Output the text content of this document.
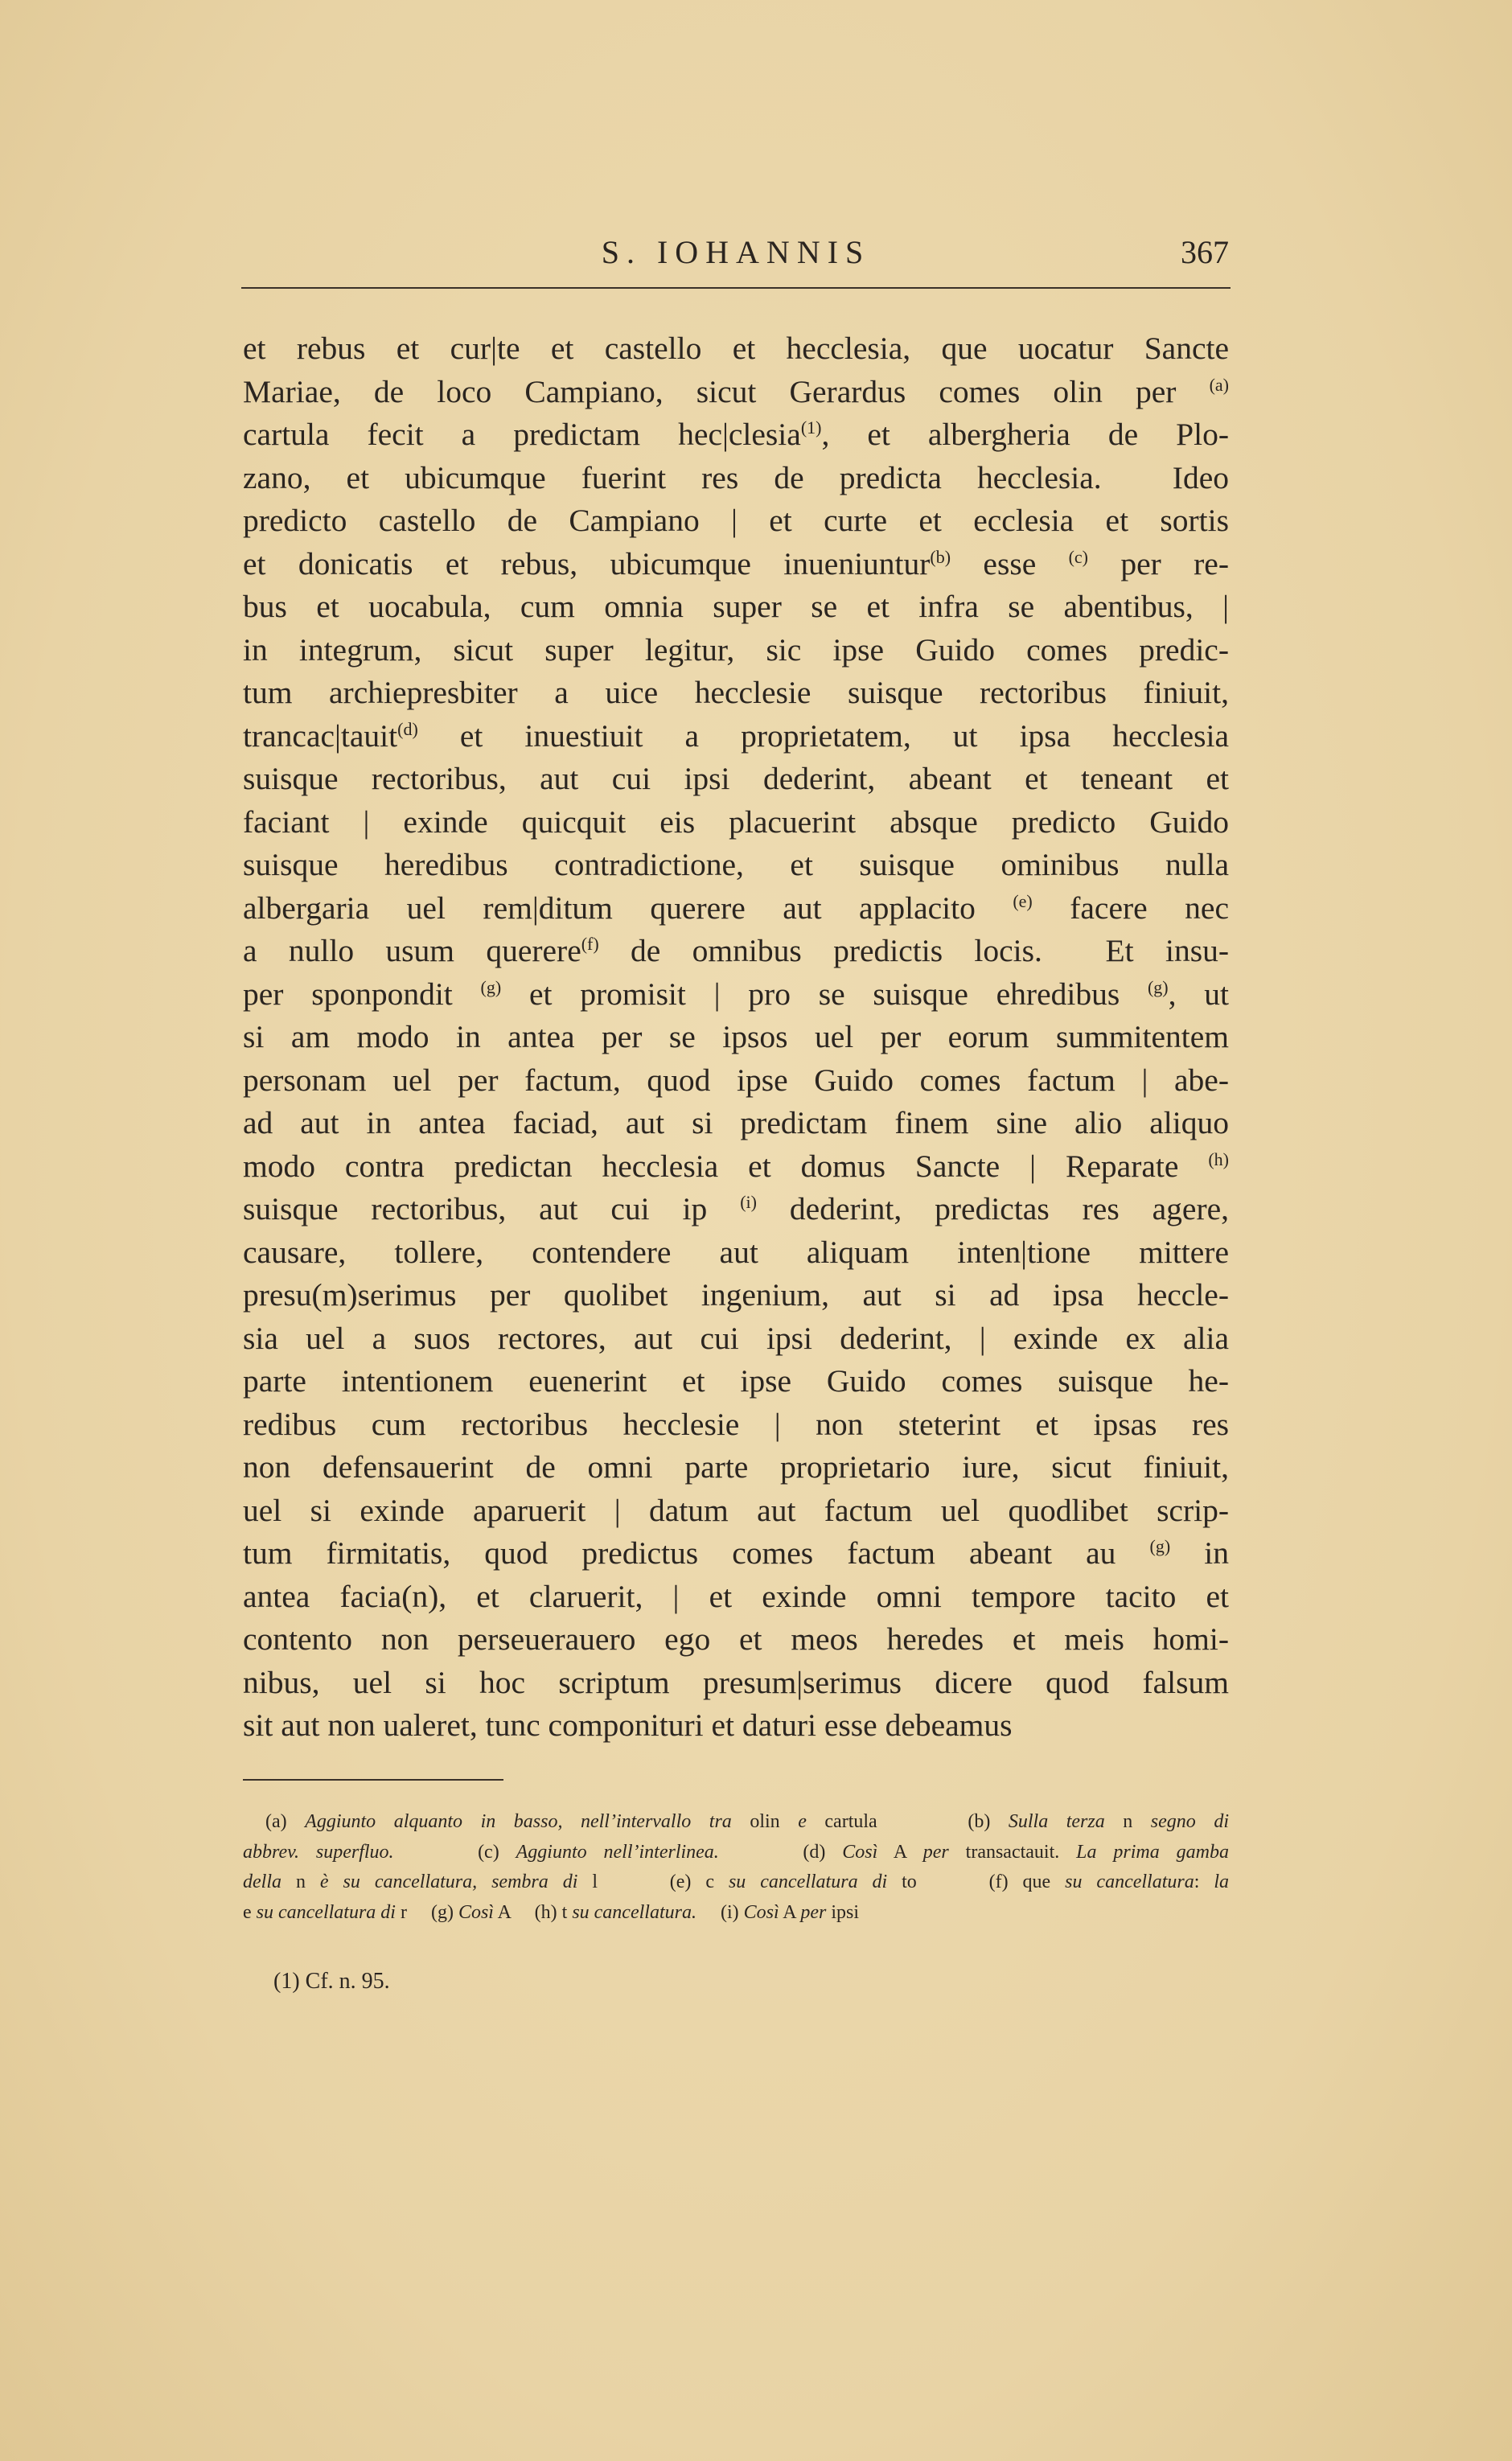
S. IOHANNIS	367
et rebus et cur|te et castello et hecclesia, que uocatur Sancte
Mariae, de loco Campiano, sicut Gerardus comes olin per $^{(a)}$
cartula fecit a predictam hec|clesia$^{(1)}$, et albergheria de Plo-
zano, et ubicumque fuerint res de predicta hecclesia.  Ideo
predicto castello de Campiano | et curte et ecclesia et sortis
et donicatis et rebus, ubicumque inueniuntur$^{(b)}$ esse $^{(c)}$ per re-
bus et uocabula, cum omnia super se et infra se abentibus, |
in integrum, sicut super legitur, sic ipse Guido comes predic-
tum archiepresbiter a uice hecclesie suisque rectoribus finiuit,
trancac|tauit$^{(d)}$ et inuestiuit a proprietatem, ut ipsa hecclesia
suisque rectoribus, aut cui ipsi dederint, abeant et teneant et
faciant | exinde quicquit eis placuerint absque predicto Guido
suisque heredibus contradictione, et suisque ominibus nulla
albergaria uel rem|ditum querere aut applacito $^{(e)}$ facere nec
a nullo usum querere$^{(f)}$ de omnibus predictis locis.  Et insu-
per sponpondit $^{(g)}$ et promisit | pro se suisque ehredibus $^{(g)}$, ut
si am modo in antea per se ipsos uel per eorum summitentem
personam uel per factum, quod ipse Guido comes factum | abe-
ad aut in antea faciad, aut si predictam finem sine alio aliquo
modo contra predictan hecclesia et domus Sancte | Reparate $^{(h)}$
suisque rectoribus, aut cui ip $^{(i)}$ dederint, predictas res agere,
causare, tollere, contendere aut aliquam inten|tione mittere
presu(m)serimus per quolibet ingenium, aut si ad ipsa heccle-
sia uel a suos rectores, aut cui ipsi dederint, | exinde ex alia
parte intentionem euenerint et ipse Guido comes suisque he-
redibus cum rectoribus hecclesie | non steterint et ipsas res
non defensauerint de omni parte proprietario iure, sicut finiuit,
uel si exinde aparuerit | datum aut factum uel quodlibet scrip-
tum firmitatis, quod predictus comes factum abeant au $^{(g)}$ in
antea facia(n), et claruerit, | et exinde omni tempore tacito et
contento non perseuerauero ego et meos heredes et meis homi-
nibus, uel si hoc scriptum presum|serimus dicere quod falsum
sit aut non ualeret, tunc componituri et daturi esse debeamus
(a) Aggiunto alquanto in basso, nell’intervallo tra olin e cartula     (b) Sulla terza n segno di
abbrev. superfluo.     (c) Aggiunto nell’interlinea.     (d) Così A per transactauit. La prima gamba
della n è su cancellatura, sembra di l     (e) c su cancellatura di to     (f) que su cancellatura: la
e su cancellatura di r     (g) Così A     (h) t su cancellatura.     (i) Così A per ipsi
(1) Cf. n. 95.
